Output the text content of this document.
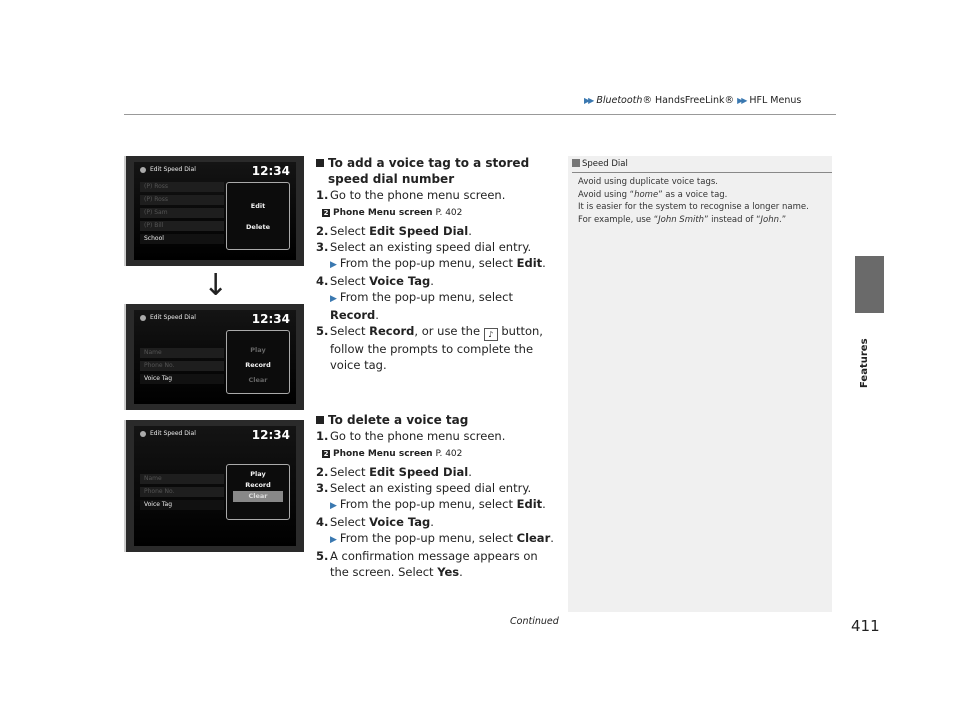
▶▶ Bluetooth® HandsFreeLink® ▶▶ HFL Menus
Features
Edit Speed Dial	12:34
(P) Ross
(P) Ross
(P) Sam
(P) Bill
School
Edit
Delete
↓
Edit Speed Dial	12:34
Name
Phone No.
Voice Tag
Play
Record
Clear
Edit Speed Dial	12:34
Name
Phone No.
Voice Tag
Play
Record
Clear
To add a voice tag to a stored speed dial number
1. Go to the phone menu screen.
2 Phone Menu screen P. 402
2. Select Edit Speed Dial.
3. Select an existing speed dial entry.
▶ From the pop-up menu, select Edit.
4. Select Voice Tag.
▶ From the pop-up menu, select Record.
5. Select Record, or use the ♪ button, follow the prompts to complete the voice tag.
To delete a voice tag
1. Go to the phone menu screen.
2 Phone Menu screen P. 402
2. Select Edit Speed Dial.
3. Select an existing speed dial entry.
▶ From the pop-up menu, select Edit.
4. Select Voice Tag.
▶ From the pop-up menu, select Clear.
5. A confirmation message appears on the screen. Select Yes.
Speed Dial
Avoid using duplicate voice tags.
Avoid using “home” as a voice tag.
It is easier for the system to recognise a longer name.
For example, use “John Smith” instead of “John.”
Continued	411
